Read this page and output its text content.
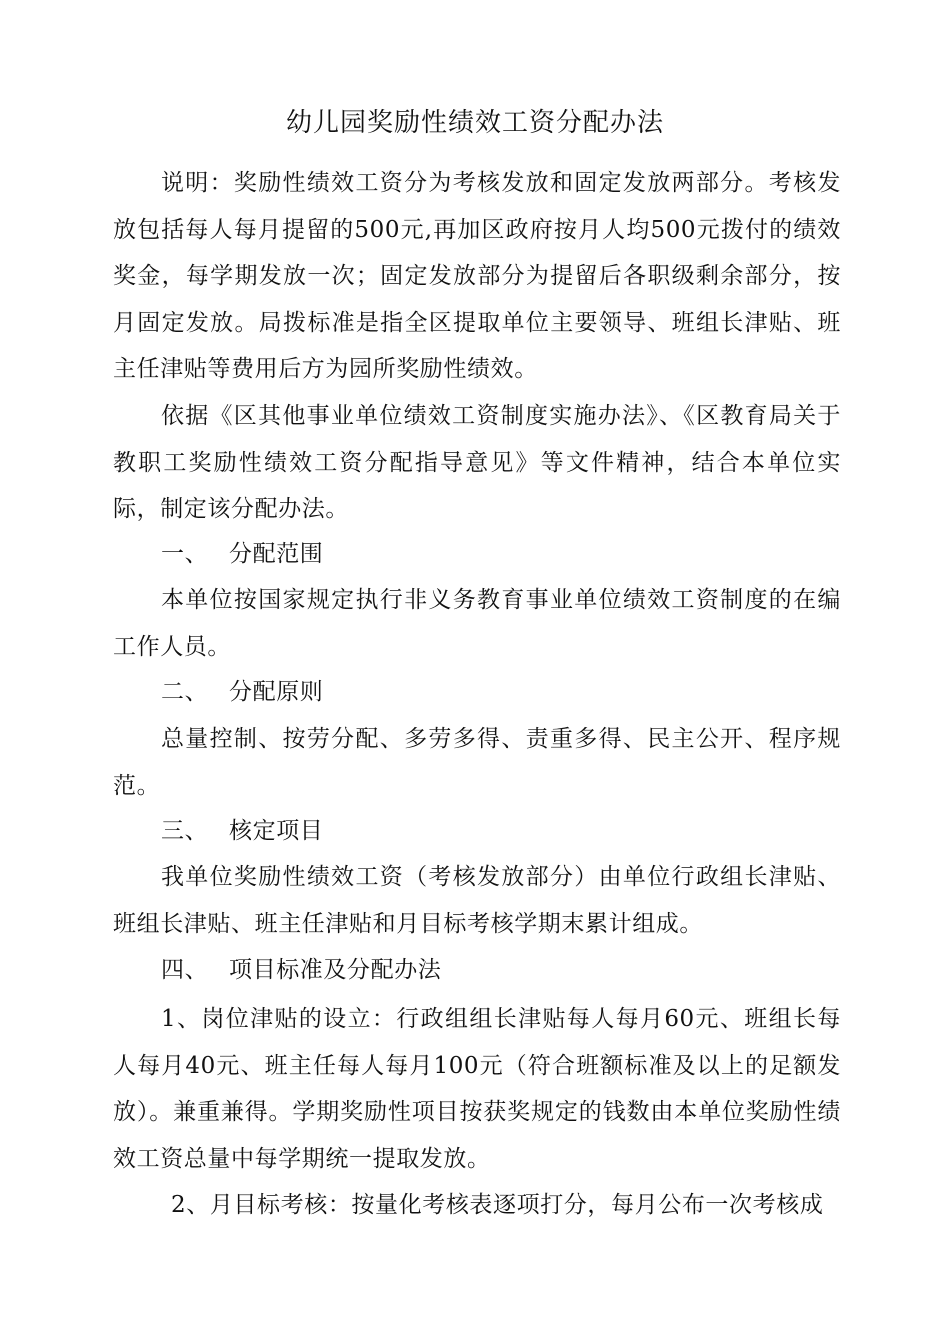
幼儿园奖励性绩效工资分配办法

说明：奖励性绩效工资分为考核发放和固定发放两部分。考核发放包括每人每月提留的500元,再加区政府按月人均500元拨付的绩效奖金，每学期发放一次；固定发放部分为提留后各职级剩余部分，按月固定发放。局拨标准是指全区提取单位主要领导、班组长津贴、班主任津贴等费用后方为园所奖励性绩效。

依据《区其他事业单位绩效工资制度实施办法》、《区教育局关于教职工奖励性绩效工资分配指导意见》等文件精神，结合本单位实际，制定该分配办法。

一、 分配范围

本单位按国家规定执行非义务教育事业单位绩效工资制度的在编工作人员。

二、 分配原则

总量控制、按劳分配、多劳多得、责重多得、民主公开、程序规范。

三、 核定项目

我单位奖励性绩效工资（考核发放部分）由单位行政组长津贴、班组长津贴、班主任津贴和月目标考核学期末累计组成。

四、 项目标准及分配办法

1、岗位津贴的设立：行政组组长津贴每人每月60元、班组长每人每月40元、班主任每人每月100元（符合班额标准及以上的足额发放）。兼重兼得。学期奖励性项目按获奖规定的钱数由本单位奖励性绩效工资总量中每学期统一提取发放。

2、月目标考核：按量化考核表逐项打分，每月公布一次考核成
